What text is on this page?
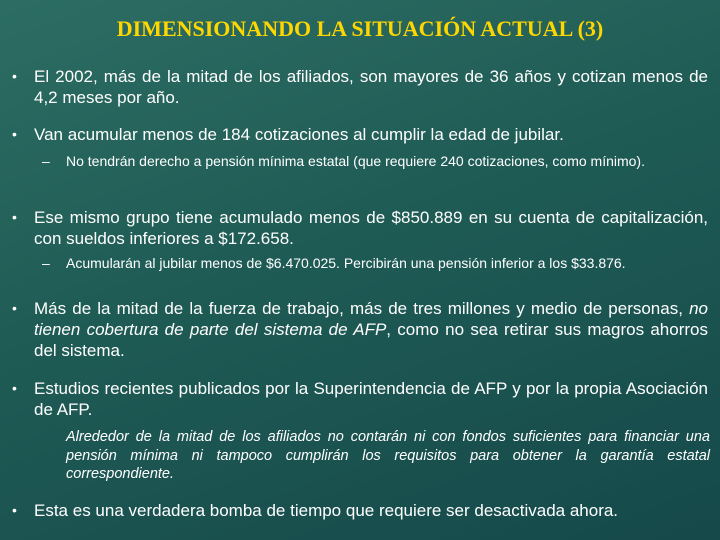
DIMENSIONANDO LA SITUACIÓN ACTUAL (3)
•	El 2002, más de la mitad de los afiliados, son mayores de 36 años y cotizan menos de 4,2 meses por año.
•	Van acumular menos de 184 cotizaciones al cumplir la edad de jubilar.
– No tendrán derecho a pensión mínima estatal (que requiere 240 cotizaciones, como mínimo).
•	Ese mismo grupo tiene acumulado menos de $850.889 en su cuenta de capitalización, con sueldos inferiores a $172.658.
– Acumularán al jubilar menos de $6.470.025. Percibirán una pensión inferior a los $33.876.
•	Más de la mitad de la fuerza de trabajo, más de tres millones y medio de personas, no tienen cobertura de parte del sistema de AFP, como no sea retirar sus magros ahorros del sistema.
•	Estudios recientes publicados por la Superintendencia de AFP y por la propia Asociación de AFP.
Alrededor de la mitad de los afiliados no contarán ni con fondos suficientes para financiar una pensión mínima ni tampoco cumplirán los requisitos para obtener la garantía estatal correspondiente.
•	Esta es una verdadera bomba de tiempo que requiere ser desactivada ahora.
